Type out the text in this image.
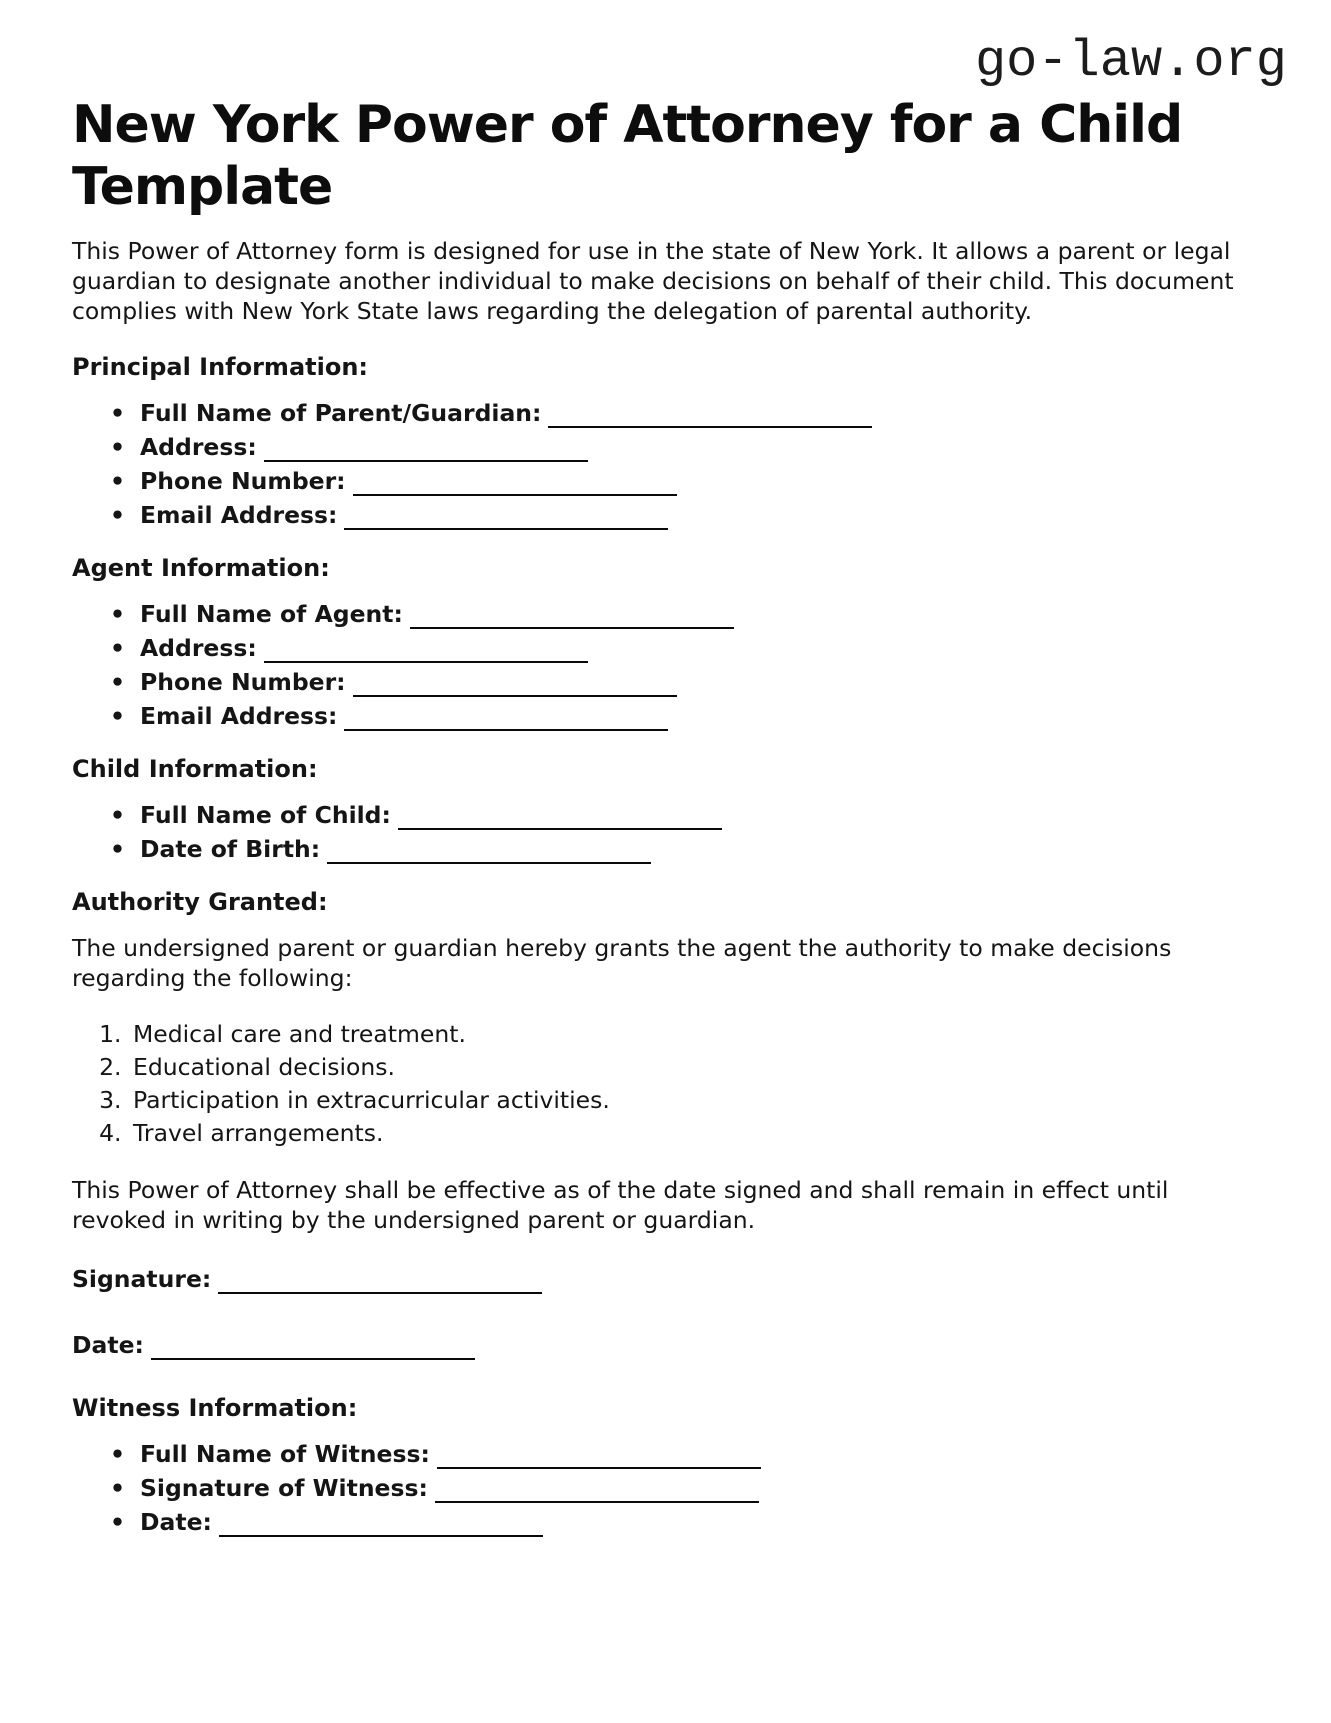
go-law.org
New York Power of Attorney for a Child Template

This Power of Attorney form is designed for use in the state of New York. It allows a parent or legal guardian to designate another individual to make decisions on behalf of their child. This document complies with New York State laws regarding the delegation of parental authority.

Principal Information:

• Full Name of Parent/Guardian:
• Address:
• Phone Number:
• Email Address:

Agent Information:

• Full Name of Agent:
• Address:
• Phone Number:
• Email Address:

Child Information:

• Full Name of Child:
• Date of Birth:

Authority Granted:

The undersigned parent or guardian hereby grants the agent the authority to make decisions regarding the following:

1. Medical care and treatment.
2. Educational decisions.
3. Participation in extracurricular activities.
4. Travel arrangements.

This Power of Attorney shall be effective as of the date signed and shall remain in effect until revoked in writing by the undersigned parent or guardian.

Signature:

Date:

Witness Information:

• Full Name of Witness:
• Signature of Witness:
• Date:
